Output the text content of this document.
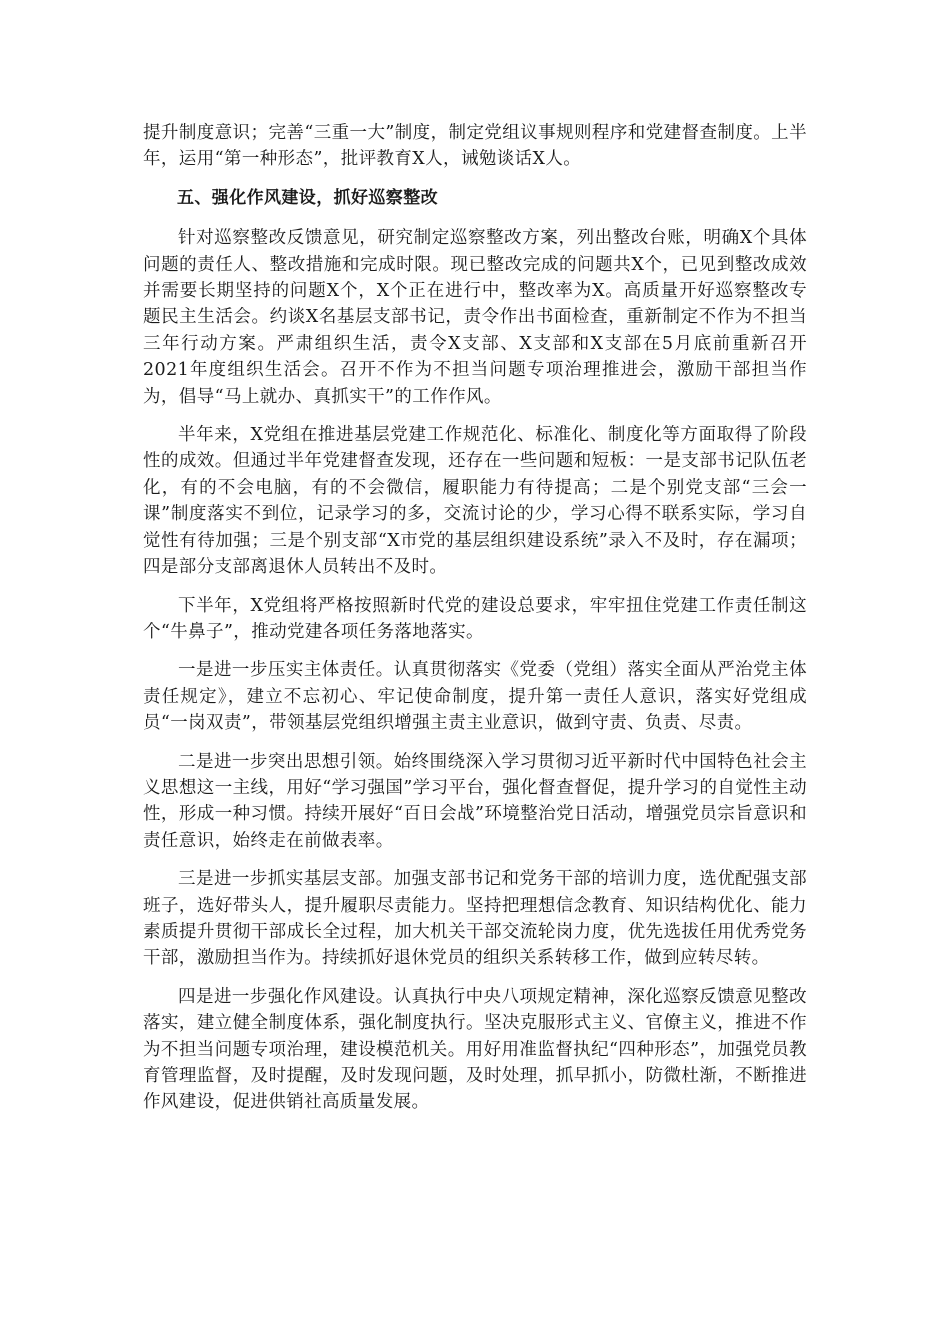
提升制度意识；完善“三重一大”制度，制定党组议事规则程序和党建督查制度。上半年，运用“第一种形态”，批评教育X人，诫勉谈话X人。

五、强化作风建设，抓好巡察整改

针对巡察整改反馈意见，研究制定巡察整改方案，列出整改台账，明确X个具体问题的责任人、整改措施和完成时限。现已整改完成的问题共X个，已见到整改成效并需要长期坚持的问题X个，X个正在进行中，整改率为X。高质量开好巡察整改专题民主生活会。约谈X名基层支部书记，责令作出书面检查，重新制定不作为不担当三年行动方案。严肃组织生活，责令X支部、X支部和X支部在5月底前重新召开2021年度组织生活会。召开不作为不担当问题专项治理推进会，激励干部担当作为，倡导“马上就办、真抓实干”的工作作风。

半年来，X党组在推进基层党建工作规范化、标准化、制度化等方面取得了阶段性的成效。但通过半年党建督查发现，还存在一些问题和短板：一是支部书记队伍老化，有的不会电脑，有的不会微信，履职能力有待提高；二是个别党支部“三会一课”制度落实不到位，记录学习的多，交流讨论的少，学习心得不联系实际，学习自觉性有待加强；三是个别支部“X市党的基层组织建设系统”录入不及时，存在漏项；四是部分支部离退休人员转出不及时。

下半年，X党组将严格按照新时代党的建设总要求，牢牢扭住党建工作责任制这个“牛鼻子”，推动党建各项任务落地落实。

一是进一步压实主体责任。认真贯彻落实《党委（党组）落实全面从严治党主体责任规定》，建立不忘初心、牢记使命制度，提升第一责任人意识，落实好党组成员“一岗双责”，带领基层党组织增强主责主业意识，做到守责、负责、尽责。

二是进一步突出思想引领。始终围绕深入学习贯彻习近平新时代中国特色社会主义思想这一主线，用好“学习强国”学习平台，强化督查督促，提升学习的自觉性主动性，形成一种习惯。持续开展好“百日会战”环境整治党日活动，增强党员宗旨意识和责任意识，始终走在前做表率。

三是进一步抓实基层支部。加强支部书记和党务干部的培训力度，选优配强支部班子，选好带头人，提升履职尽责能力。坚持把理想信念教育、知识结构优化、能力素质提升贯彻干部成长全过程，加大机关干部交流轮岗力度，优先选拔任用优秀党务干部，激励担当作为。持续抓好退休党员的组织关系转移工作，做到应转尽转。

四是进一步强化作风建设。认真执行中央八项规定精神，深化巡察反馈意见整改落实，建立健全制度体系，强化制度执行。坚决克服形式主义、官僚主义，推进不作为不担当问题专项治理，建设模范机关。用好用准监督执纪“四种形态”，加强党员教育管理监督，及时提醒，及时发现问题，及时处理，抓早抓小，防微杜渐，不断推进作风建设，促进供销社高质量发展。
